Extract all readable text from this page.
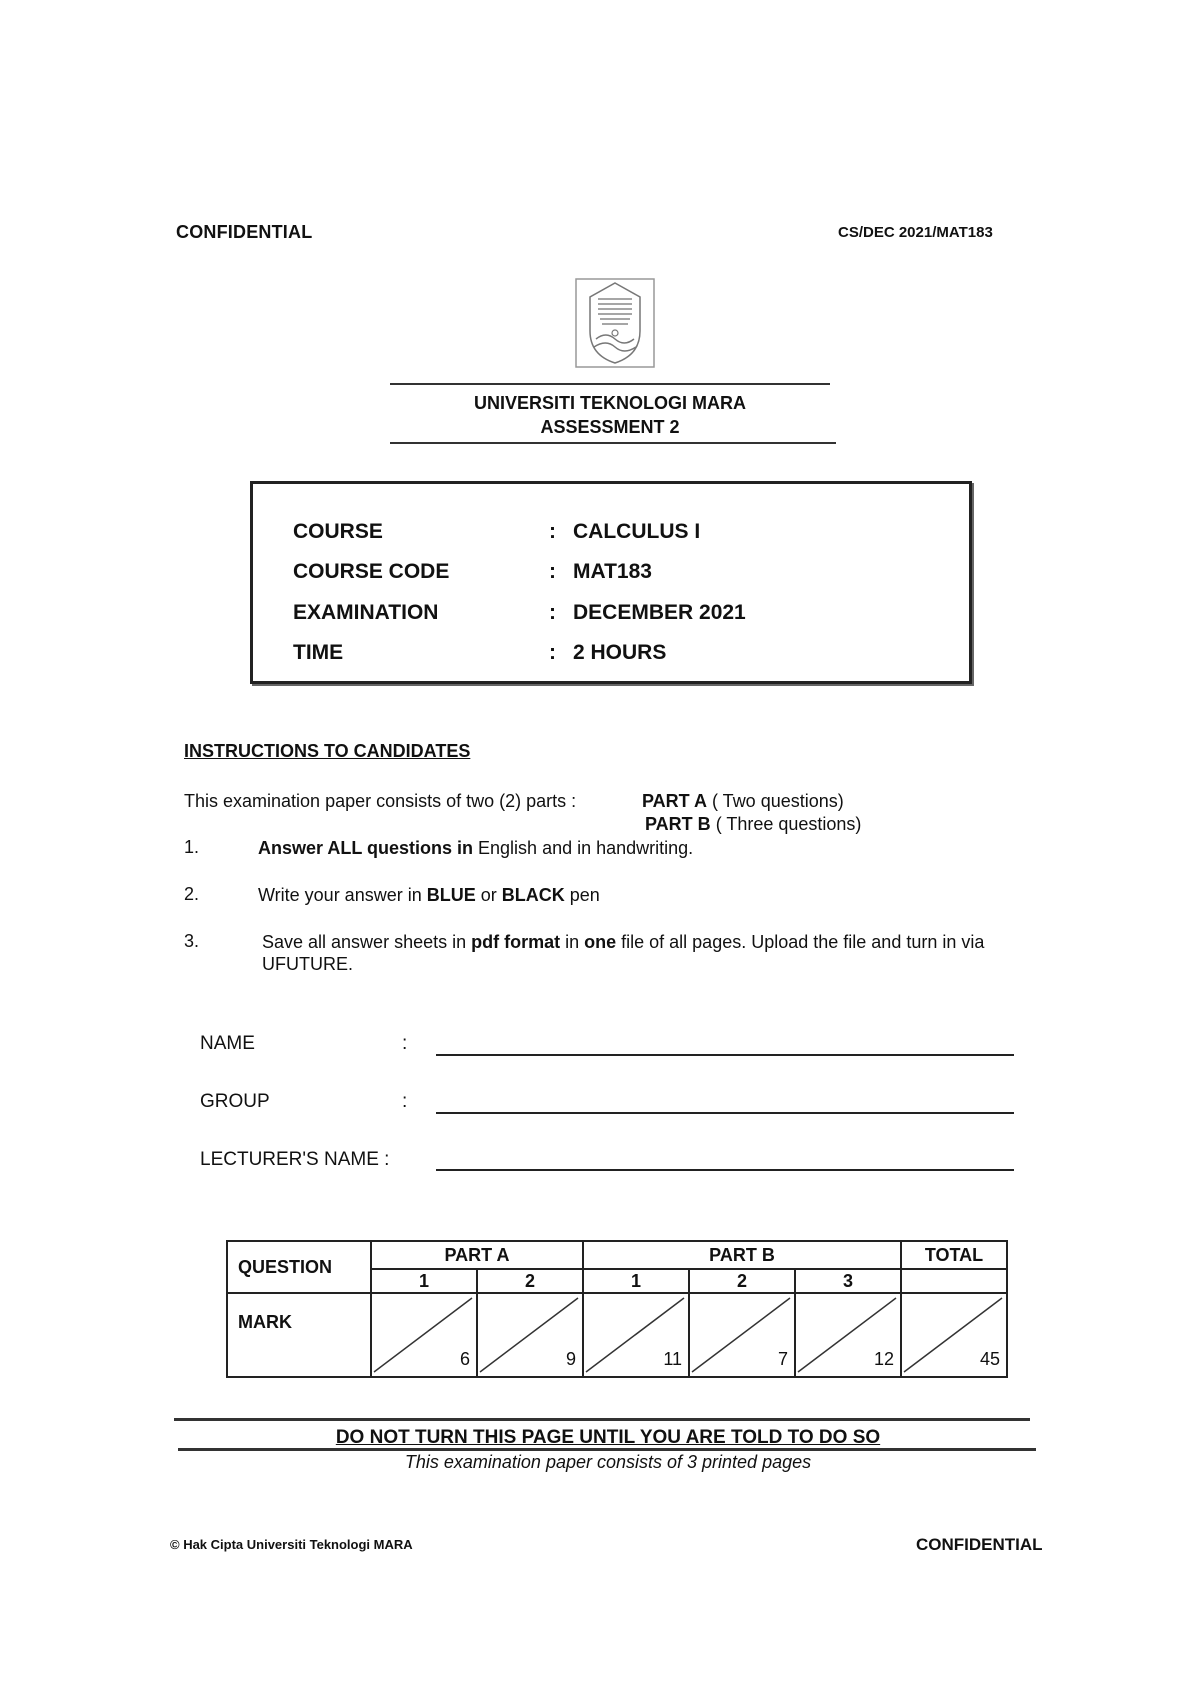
CONFIDENTIAL	CS/DEC 2021/MAT183
UNIVERSITI TEKNOLOGI MARA
ASSESSMENT 2
COURSE	: CALCULUS I
COURSE CODE	: MAT183
EXAMINATION	: DECEMBER 2021
TIME	: 2 HOURS
INSTRUCTIONS TO CANDIDATES
This examination paper consists of two (2) parts :	PART A ( Two questions)
PART B ( Three questions)
1.	Answer ALL questions in English and in handwriting.
2.	Write your answer in BLUE or BLACK pen
3.	Save all answer sheets in pdf format in one file of all pages. Upload the file and turn in via UFUTURE.
NAME	:
GROUP	:
LECTURER'S NAME :
QUESTION	PART A		PART B			TOTAL
	1	2	1	2	3	
MARK	6	9	11	7	12	45
DO NOT TURN THIS PAGE UNTIL YOU ARE TOLD TO DO SO
This examination paper consists of 3 printed pages
© Hak Cipta Universiti Teknologi MARA	CONFIDENTIAL
